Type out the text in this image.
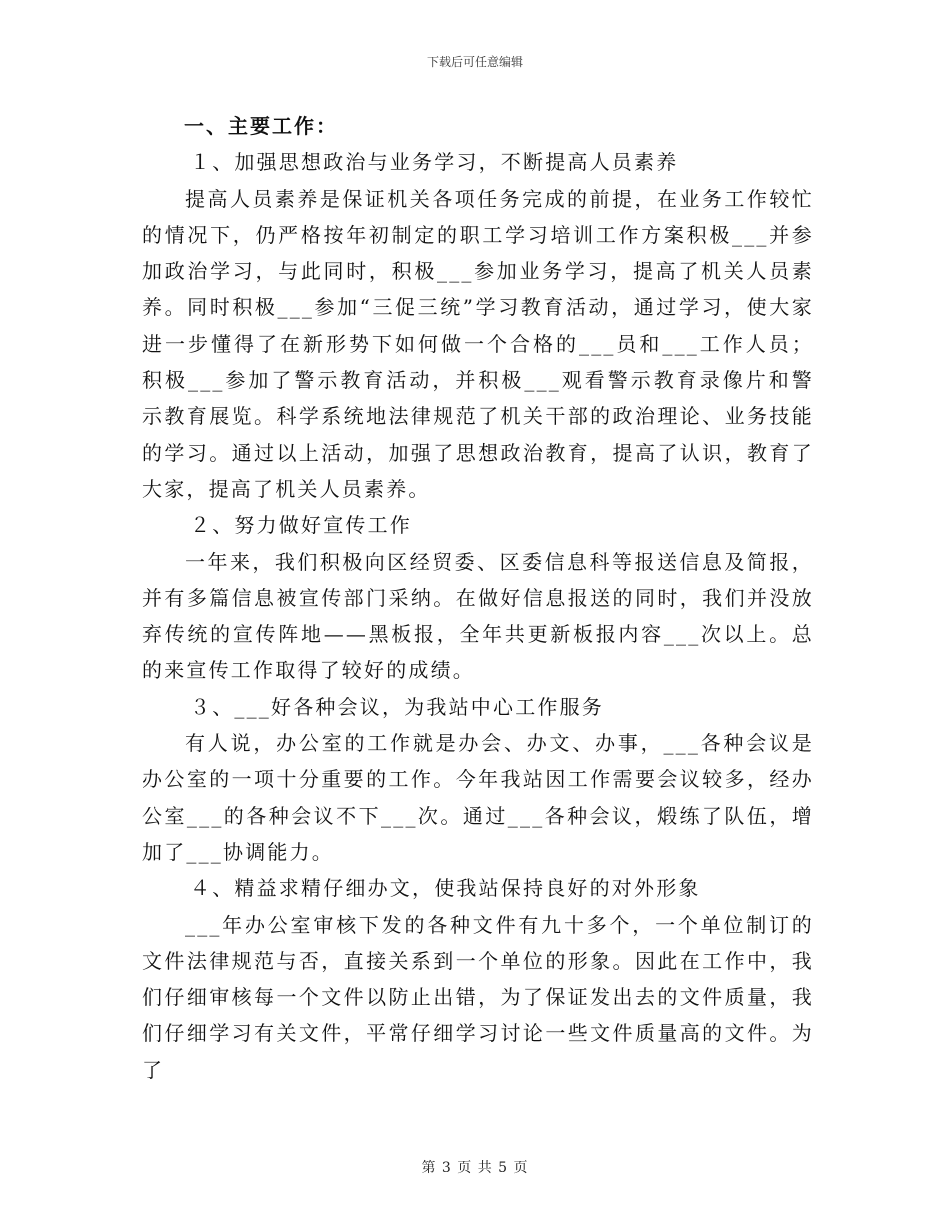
下载后可任意编辑

一、主要工作：

１、加强思想政治与业务学习，不断提高人员素养

提高人员素养是保证机关各项任务完成的前提，在业务工作较忙的情况下，仍严格按年初制定的职工学习培训工作方案积极___并参加政治学习，与此同时，积极___参加业务学习，提高了机关人员素养。同时积极___参加“三促三统”学习教育活动，通过学习，使大家进一步懂得了在新形势下如何做一个合格的___员和___工作人员；积极___参加了警示教育活动，并积极___观看警示教育录像片和警示教育展览。科学系统地法律规范了机关干部的政治理论、业务技能的学习。通过以上活动，加强了思想政治教育，提高了认识，教育了大家，提高了机关人员素养。

２、努力做好宣传工作

一年来，我们积极向区经贸委、区委信息科等报送信息及简报，并有多篇信息被宣传部门采纳。在做好信息报送的同时，我们并没放弃传统的宣传阵地——黑板报，全年共更新板报内容___次以上。总的来宣传工作取得了较好的成绩。

３、___好各种会议，为我站中心工作服务

有人说，办公室的工作就是办会、办文、办事，___各种会议是办公室的一项十分重要的工作。今年我站因工作需要会议较多，经办公室___的各种会议不下___次。通过___各种会议，煅练了队伍，增加了___协调能力。

４、精益求精仔细办文，使我站保持良好的对外形象

___年办公室审核下发的各种文件有九十多个，一个单位制订的文件法律规范与否，直接关系到一个单位的形象。因此在工作中，我们仔细审核每一个文件以防止出错，为了保证发出去的文件质量，我们仔细学习有关文件，平常仔细学习讨论一些文件质量高的文件。为了

第 3 页 共 5 页
